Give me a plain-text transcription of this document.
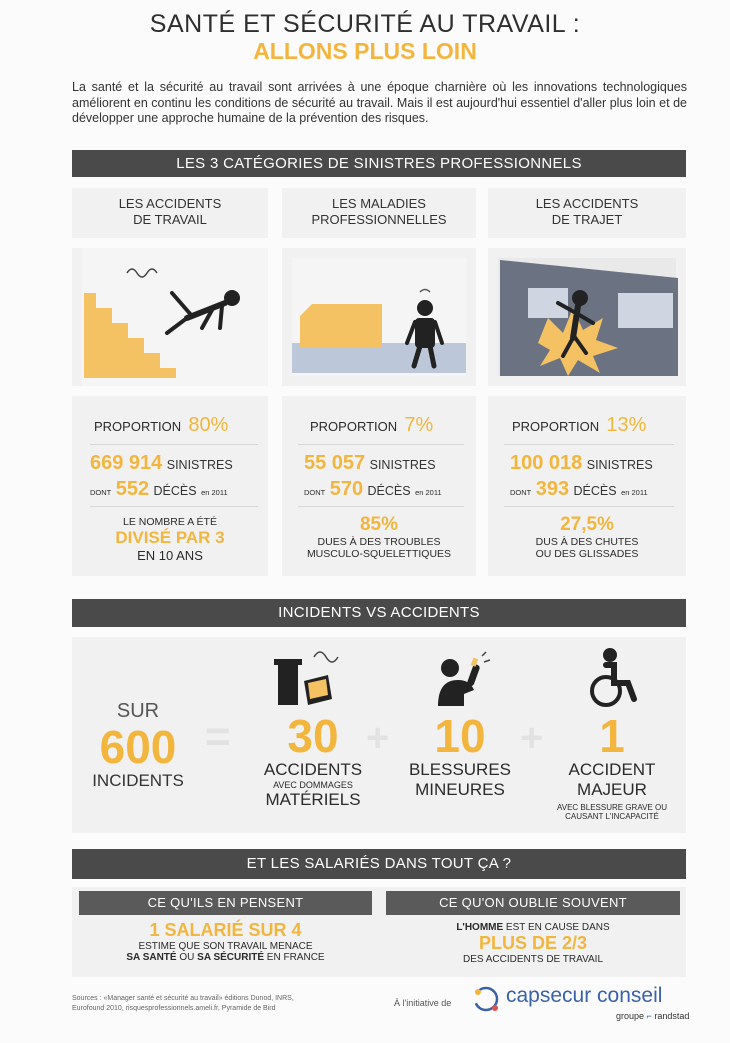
SANTÉ ET SÉCURITÉ AU TRAVAIL :
ALLONS PLUS LOIN

La santé et la sécurité au travail sont arrivées à une époque charnière où les innovations technologiques améliorent en continu les conditions de sécurité au travail. Mais il est aujourd'hui essentiel d'aller plus loin et de développer une approche humaine de la prévention des risques.

LES 3 CATÉGORIES DE SINISTRES PROFESSIONNELS
LES ACCIDENTS
DE TRAVAIL
PROPORTION 80%
669 914 SINISTRES
DONT 552 DÉCÈS en 2011
LE NOMBRE A ÉTÉ
DIVISÉ PAR 3
EN 10 ANS
LES MALADIES
PROFESSIONNELLES
PROPORTION 7%
55 057 SINISTRES
DONT 570 DÉCÈS en 2011
85%
DUES À DES TROUBLES
MUSCULO-SQUELETTIQUES
LES ACCIDENTS
DE TRAJET
PROPORTION 13%
100 018 SINISTRES
DONT 393 DÉCÈS en 2011
27,5%
DUS À DES CHUTES
OU DES GLISSADES
INCIDENTS VS ACCIDENTS
SUR
600
INCIDENTS
=	30
ACCIDENTS
AVEC DOMMAGES
MATÉRIELS
+ 10
BLESSURES
MINEURES
+	1
ACCIDENT
MAJEUR
AVEC BLESSURE GRAVE OU
CAUSANT L'INCAPACITÉ
ET LES SALARIÉS DANS TOUT ÇA ?
CE QU'ILS EN PENSENT	CE QU'ON OUBLIE SOUVENT
1 SALARIÉ SUR 4
ESTIME QUE SON TRAVAIL MENACE
SA SANTÉ OU SA SÉCURITÉ EN FRANCE
L'HOMME EST EN CAUSE DANS
PLUS DE 2/3
DES ACCIDENTS DE TRAVAIL
Sources : «Manager santé et sécurité au travail» éditions Dunod, INRS,
Eurofound 2010, risquesprofessionnels.ameli.fr, Pyramide de Bird
À l'initiative de	capsecur conseil
groupe ⌐ randstad
